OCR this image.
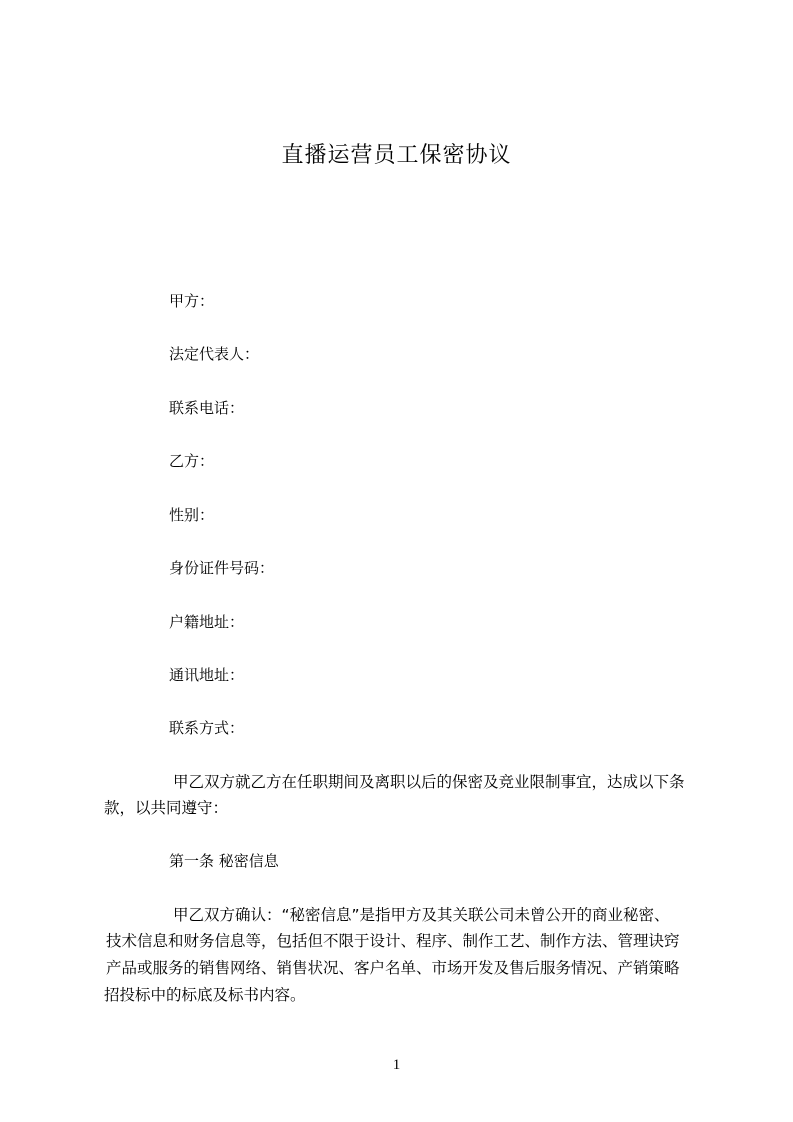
直播运营员工保密协议
甲方：
法定代表人：
联系电话：
乙方：
性别：
身份证件号码：
户籍地址：
通讯地址：
联系方式：
甲乙双方就乙方在任职期间及离职以后的保密及竞业限制事宜，达成以下条
款，以共同遵守：
第一条 秘密信息
甲乙双方确认：“秘密信息”是指甲方及其关联公司未曾公开的商业秘密、
技术信息和财务信息等，包括但不限于设计、程序、制作工艺、制作方法、管理诀窍
产品或服务的销售网络、销售状况、客户名单、市场开发及售后服务情况、产销策略
招投标中的标底及标书内容。
1
